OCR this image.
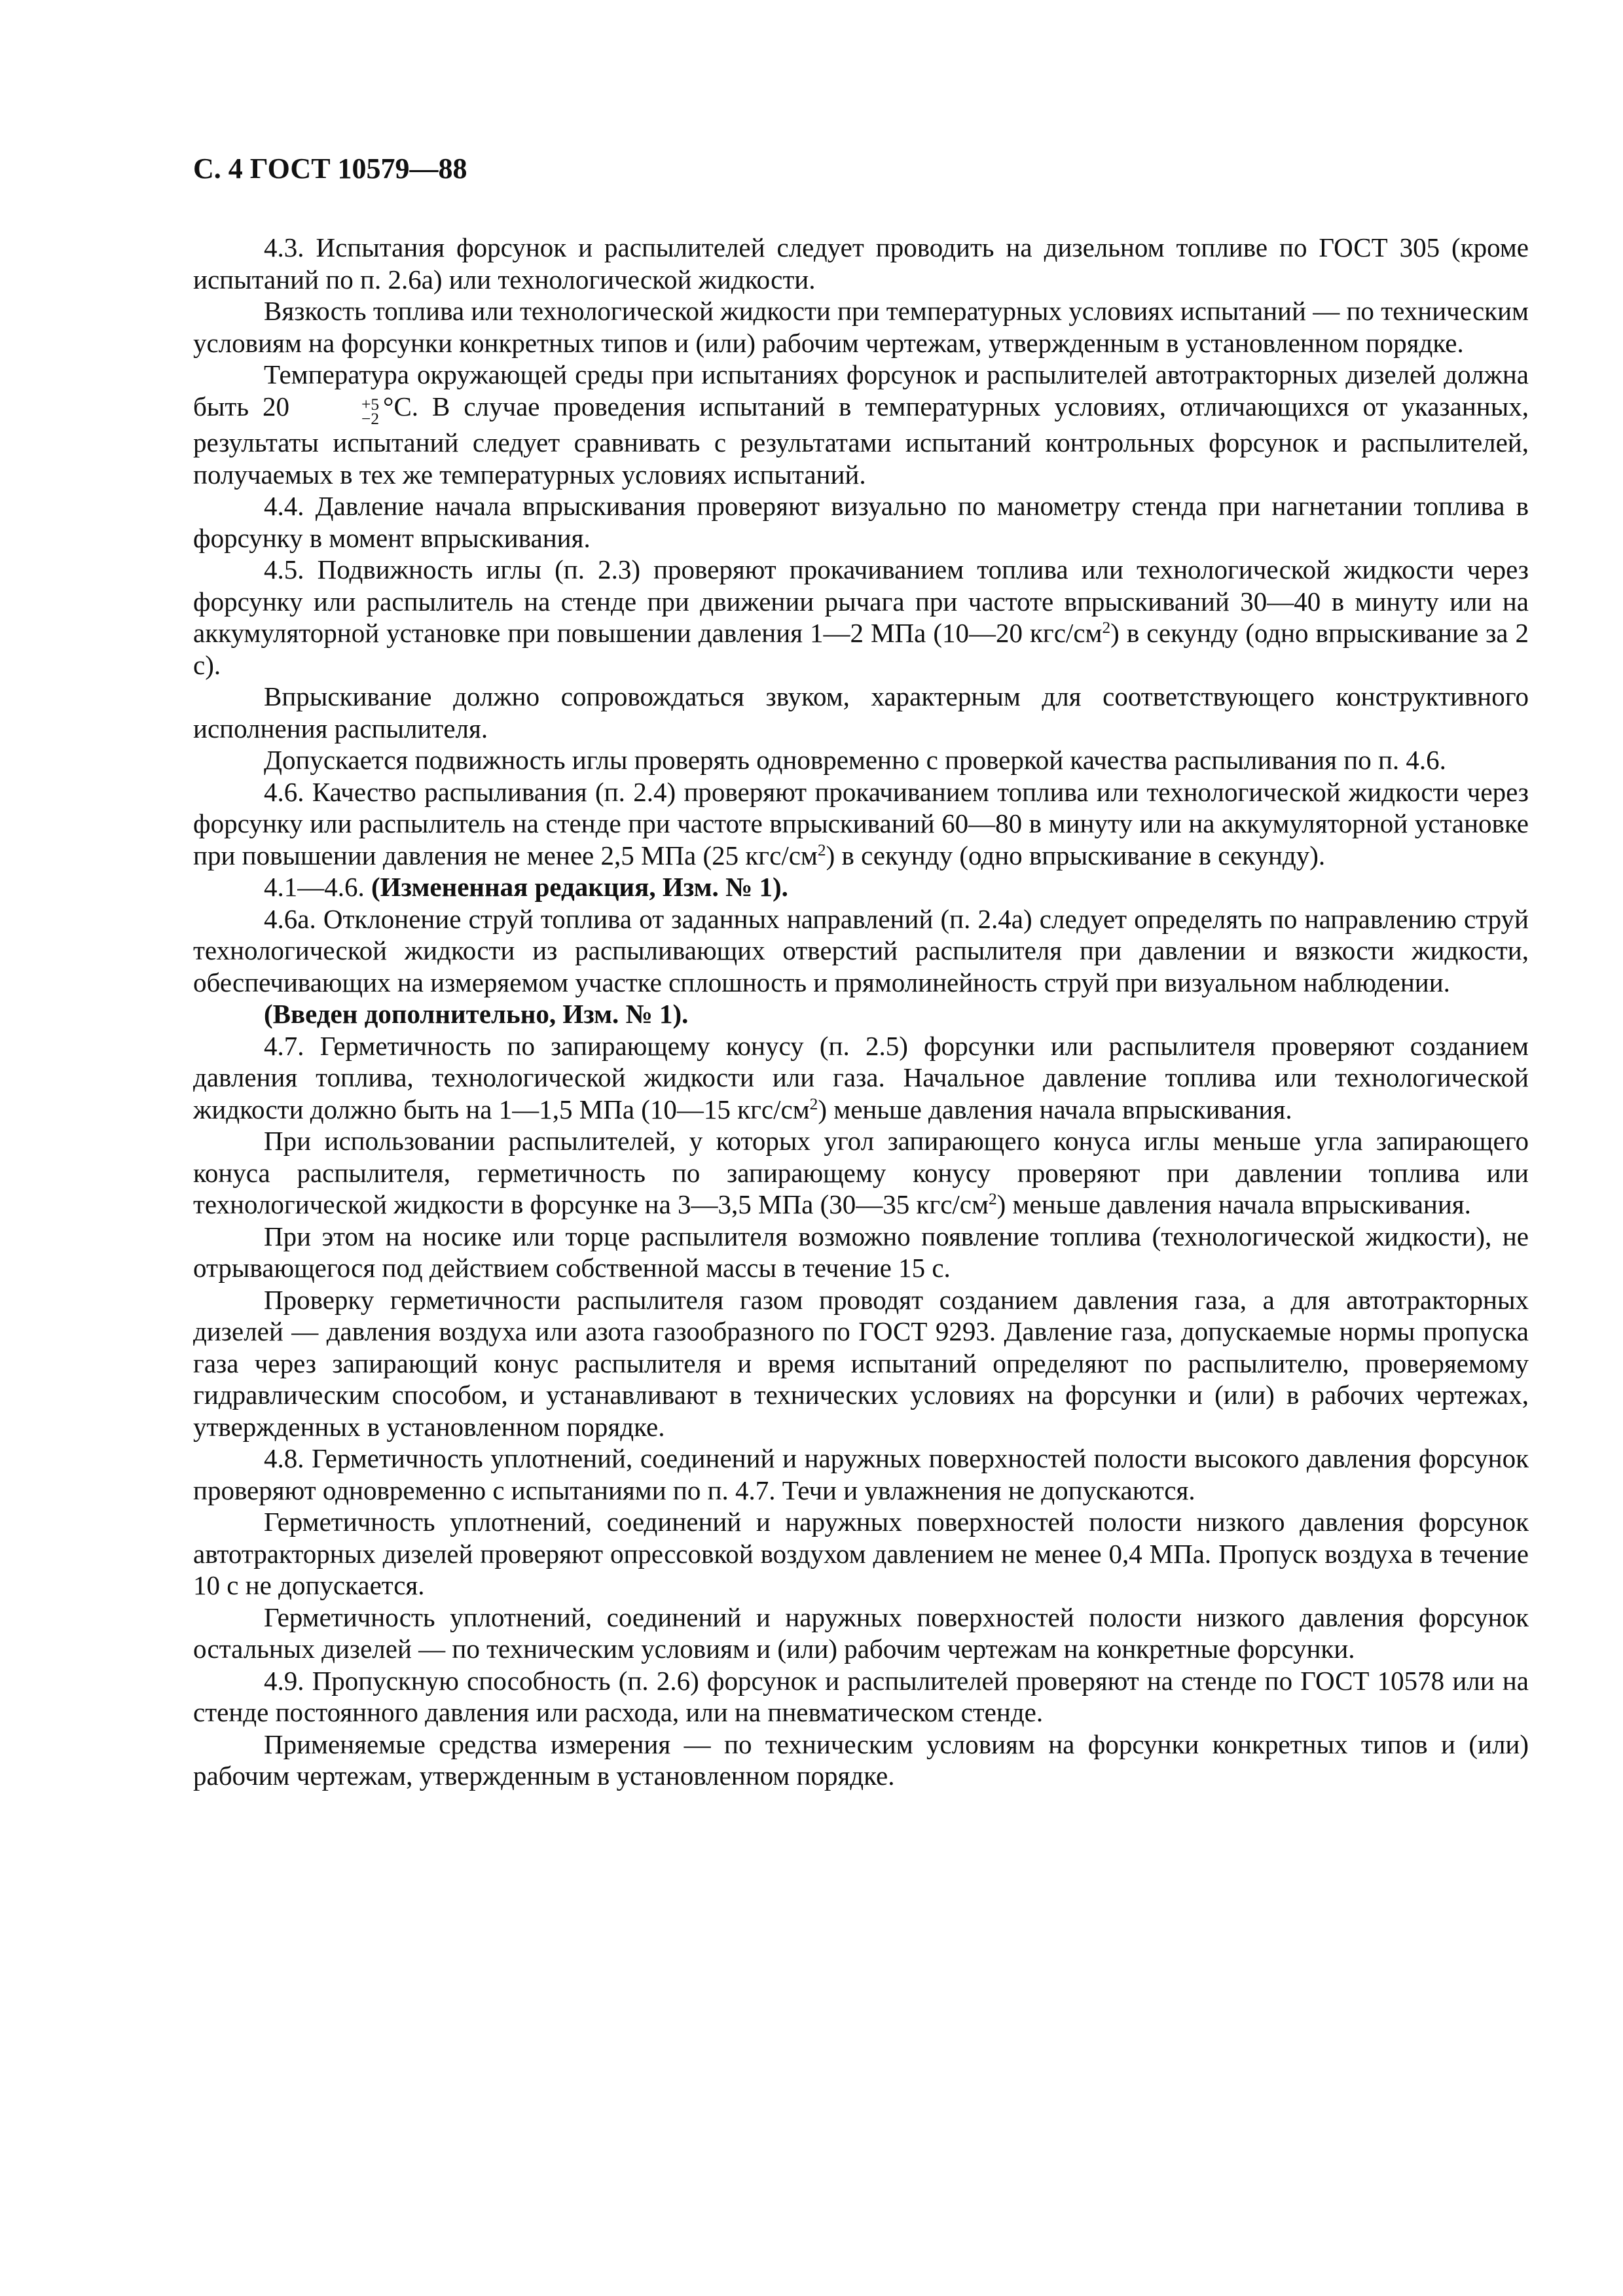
С. 4 ГОСТ 10579—88

4.3. Испытания форсунок и распылителей следует проводить на дизельном топливе по ГОСТ 305 (кроме испытаний по п. 2.6а) или технологической жидкости.

Вязкость топлива или технологической жидкости при температурных условиях испытаний — по техническим условиям на форсунки конкретных типов и (или) рабочим чертежам, утвержденным в установленном порядке.

Температура окружающей среды при испытаниях форсунок и распылителей автотракторных дизелей должна быть 20	+5
−2 °С. В случае проведения испытаний в температурных условиях, отличающихся от указанных, результаты испытаний следует сравнивать с результатами испытаний контрольных форсунок и распылителей, получаемых в тех же температурных условиях испытаний.

4.4. Давление начала впрыскивания проверяют визуально по манометру стенда при нагнетании топлива в форсунку в момент впрыскивания.

4.5. Подвижность иглы (п. 2.3) проверяют прокачиванием топлива или технологической жидкости через форсунку или распылитель на стенде при движении рычага при частоте впрыскиваний 30—40 в минуту или на аккумуляторной установке при повышении давления 1—2 МПа (10—20 кгс/$см^2$) в секунду (одно впрыскивание за 2 с).

Впрыскивание должно сопровождаться звуком, характерным для соответствующего конструктивного исполнения распылителя.

Допускается подвижность иглы проверять одновременно с проверкой качества распыливания по п. 4.6.

4.6. Качество распыливания (п. 2.4) проверяют прокачиванием топлива или технологической жидкости через форсунку или распылитель на стенде при частоте впрыскиваний 60—80 в минуту или на аккумуляторной установке при повышении давления не менее 2,5 МПа (25 кгс/$см^2$) в секунду (одно впрыскивание в секунду).

4.1—4.6. (Измененная редакция, Изм. № 1).

4.6а. Отклонение струй топлива от заданных направлений (п. 2.4а) следует определять по направлению струй технологической жидкости из распыливающих отверстий распылителя при давлении и вязкости жидкости, обеспечивающих на измеряемом участке сплошность и прямолинейность струй при визуальном наблюдении.

(Введен дополнительно, Изм. № 1).

4.7. Герметичность по запирающему конусу (п. 2.5) форсунки или распылителя проверяют созданием давления топлива, технологической жидкости или газа. Начальное давление топлива или технологической жидкости должно быть на 1—1,5 МПа (10—15 кгс/$см^2$) меньше давления начала впрыскивания.

При использовании распылителей, у которых угол запирающего конуса иглы меньше угла запирающего конуса распылителя, герметичность по запирающему конусу проверяют при давлении топлива или технологической жидкости в форсунке на 3—3,5 МПа (30—35 кгс/$см^2$) меньше давления начала впрыскивания.

При этом на носике или торце распылителя возможно появление топлива (технологической жидкости), не отрывающегося под действием собственной массы в течение 15 с.

Проверку герметичности распылителя газом проводят созданием давления газа, а для автотракторных дизелей — давления воздуха или азота газообразного по ГОСТ 9293. Давление газа, допускаемые нормы пропуска газа через запирающий конус распылителя и время испытаний определяют по распылителю, проверяемому гидравлическим способом, и устанавливают в технических условиях на форсунки и (или) в рабочих чертежах, утвержденных в установленном порядке.

4.8. Герметичность уплотнений, соединений и наружных поверхностей полости высокого давления форсунок проверяют одновременно с испытаниями по п. 4.7. Течи и увлажнения не допускаются.

Герметичность уплотнений, соединений и наружных поверхностей полости низкого давления форсунок автотракторных дизелей проверяют опрессовкой воздухом давлением не менее 0,4 МПа. Пропуск воздуха в течение 10 с не допускается.

Герметичность уплотнений, соединений и наружных поверхностей полости низкого давления форсунок остальных дизелей — по техническим условиям и (или) рабочим чертежам на конкретные форсунки.

4.9. Пропускную способность (п. 2.6) форсунок и распылителей проверяют на стенде по ГОСТ 10578 или на стенде постоянного давления или расхода, или на пневматическом стенде.

Применяемые средства измерения — по техническим условиям на форсунки конкретных типов и (или) рабочим чертежам, утвержденным в установленном порядке.
